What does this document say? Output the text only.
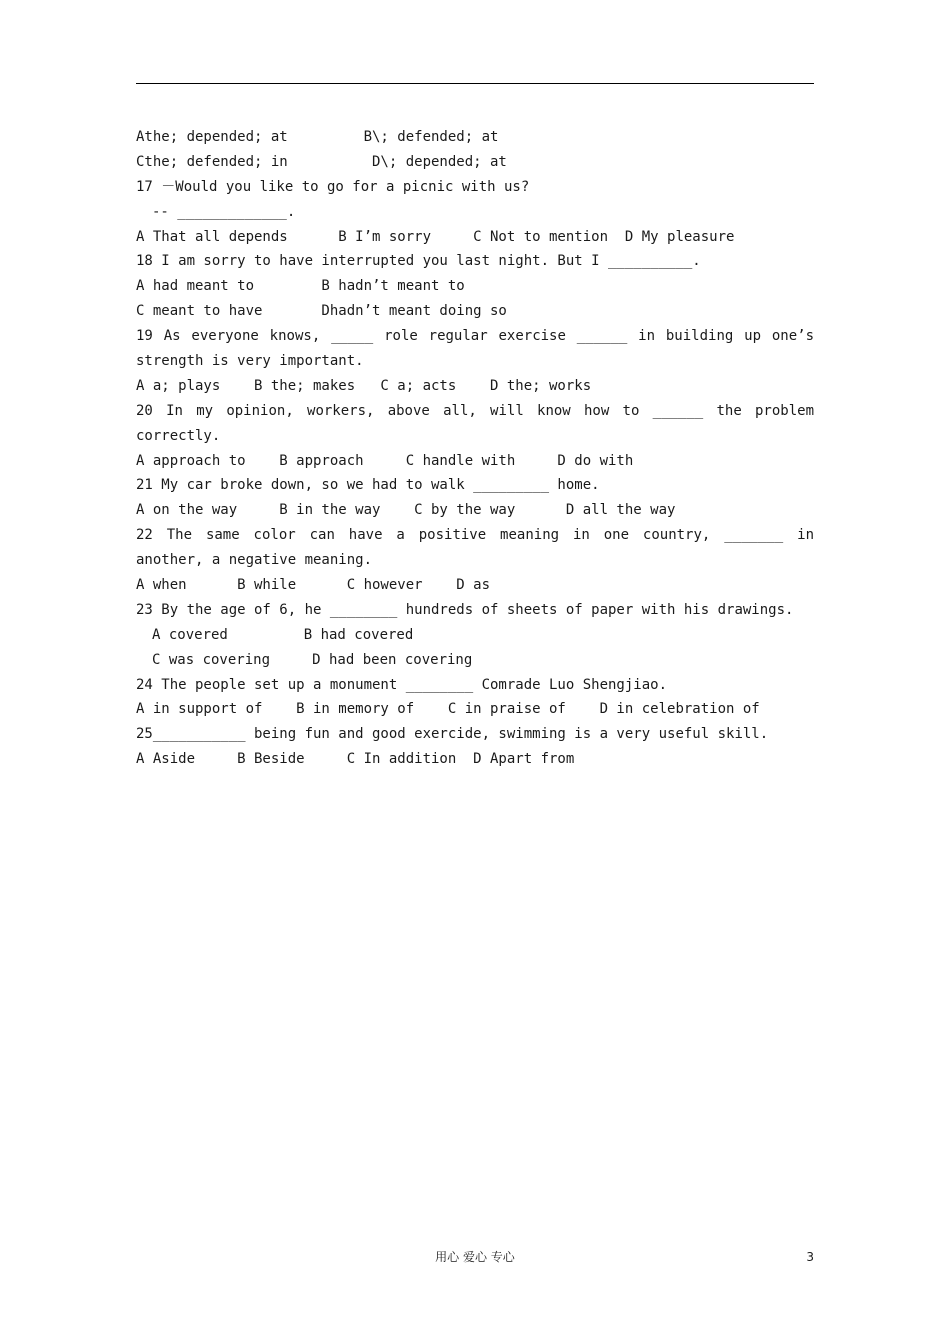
Athe; depended; at         B\; defended; at
Cthe; defended; in          D\; depended; at
17 －Would you like to go for a picnic with us?
-- _____________.
A That all depends      B I’m sorry     C Not to mention  D My pleasure
18 I am sorry to have interrupted you last night. But I __________.
A had meant to        B hadn’t meant to
C meant to have       Dhadn’t meant doing so
19 As everyone knows, _____ role regular exercise ______ in building up one’s
strength is very important.
A a; plays    B the; makes   C a; acts    D the; works
20 In my opinion, workers, above all, will know how to ______ the problem
correctly.
A approach to    B approach     C handle with     D do with
21 My car broke down, so we had to walk _________ home.
A on the way     B in the way    C by the way      D all the way
22 The same color can have a positive meaning in one country, _______ in
another, a negative meaning.
A when      B while      C however    D as
23 By the age of 6, he ________ hundreds of sheets of paper with his drawings.
A covered         B had covered
C was covering     D had been covering
24 The people set up a monument ________ Comrade Luo Shengjiao.
A in support of    B in memory of    C in praise of    D in celebration of
25___________ being fun and good exercide, swimming is a very useful skill.
A Aside     B Beside     C In addition  D Apart from
用心 爱心 专心	3
